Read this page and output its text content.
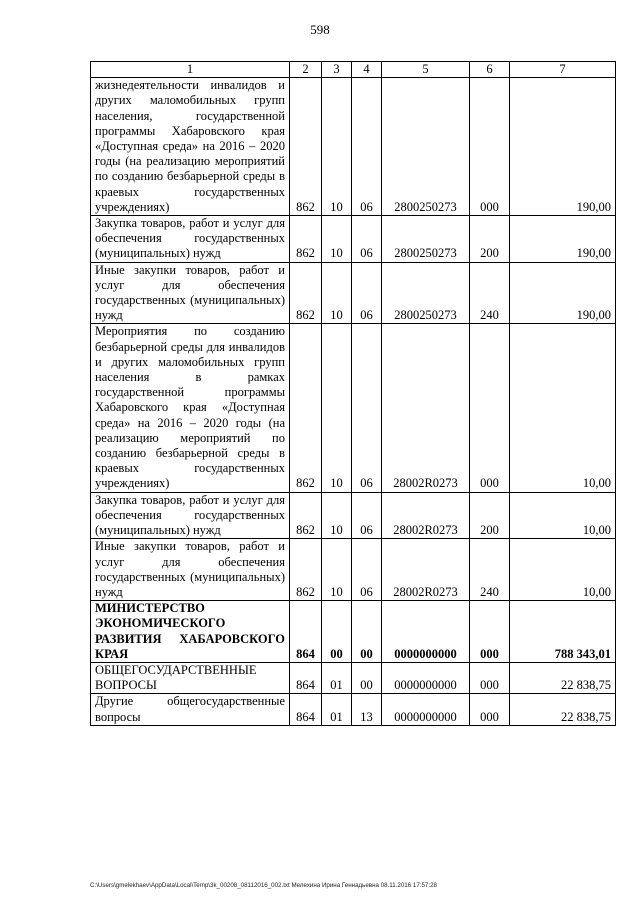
598
1	2	3	4	5	6	7
жизнедеятельности инвалидов и других маломобильных групп населения, государственной программы Хабаровского края «Доступная среда» на 2016 – 2020 годы (на реализацию мероприятий по созданию безбарьерной среды в краевых государственных учреждениях)	862	10	06	2800250273	000	190,00
Закупка товаров, работ и услуг для обеспечения государственных (муниципальных) нужд	862	10	06	2800250273	200	190,00
Иные закупки товаров, работ и услуг для обеспечения государственных (муниципальных) нужд	862	10	06	2800250273	240	190,00
Мероприятия по созданию безбарьерной среды для инвалидов и других маломобильных групп населения в рамках государственной программы Хабаровского края «Доступная среда» на 2016 – 2020 годы (на реализацию мероприятий по созданию безбарьерной среды в краевых государственных учреждениях)	862	10	06	28002R0273	000	10,00
Закупка товаров, работ и услуг для обеспечения государственных (муниципальных) нужд	862	10	06	28002R0273	200	10,00
Иные закупки товаров, работ и услуг для обеспечения государственных (муниципальных) нужд	862	10	06	28002R0273	240	10,00
МИНИСТЕРСТВО ЭКОНОМИЧЕСКОГО РАЗВИТИЯ ХАБАРОВСКОГО КРАЯ	864	00	00	0000000000	000	788 343,01
ОБЩЕГОСУДАРСТВЕННЫЕ ВОПРОСЫ	864	01	00	0000000000	000	22 838,75
Другие общегосударственные вопросы	864	01	13	0000000000	000	22 838,75
C:\Users\gmelekhaev\AppData\Local\Temp\3k_00208_08112016_002.txt Мелехина Ирина Геннадьевна 08.11.2016 17:57:28
